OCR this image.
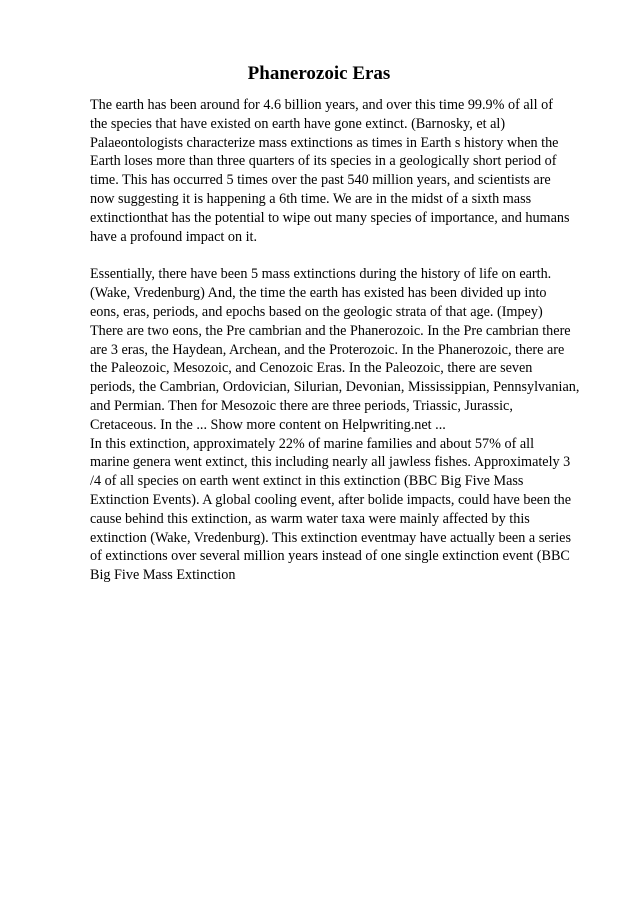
Phanerozoic Eras

The earth has been around for 4.6 billion years, and over this time 99.9% of all of
the species that have existed on earth have gone extinct. (Barnosky, et al)
Palaeontologists characterize mass extinctions as times in Earth s history when the
Earth loses more than three quarters of its species in a geologically short period of
time. This has occurred 5 times over the past 540 million years, and scientists are
now suggesting it is happening a 6th time. We are in the midst of a sixth mass
extinctionthat has the potential to wipe out many species of importance, and humans
have a profound impact on it.

Essentially, there have been 5 mass extinctions during the history of life on earth.
(Wake, Vredenburg) And, the time the earth has existed has been divided up into
eons, eras, periods, and epochs based on the geologic strata of that age. (Impey)
There are two eons, the Pre cambrian and the Phanerozoic. In the Pre cambrian there
are 3 eras, the Haydean, Archean, and the Proterozoic. In the Phanerozoic, there are
the Paleozoic, Mesozoic, and Cenozoic Eras. In the Paleozoic, there are seven
periods, the Cambrian, Ordovician, Silurian, Devonian, Mississippian, Pennsylvanian,
and Permian. Then for Mesozoic there are three periods, Triassic, Jurassic,
Cretaceous. In the ... Show more content on Helpwriting.net ...

In this extinction, approximately 22% of marine families and about 57% of all
marine genera went extinct, this including nearly all jawless fishes. Approximately 3
/4 of all species on earth went extinct in this extinction (BBC Big Five Mass
Extinction Events). A global cooling event, after bolide impacts, could have been the
cause behind this extinction, as warm water taxa were mainly affected by this
extinction (Wake, Vredenburg). This extinction eventmay have actually been a series
of extinctions over several million years instead of one single extinction event (BBC
Big Five Mass Extinction
